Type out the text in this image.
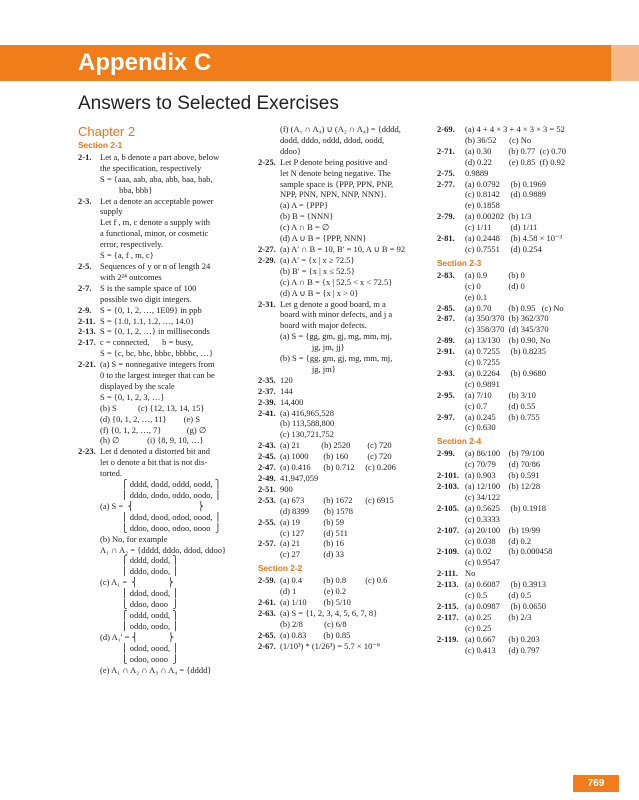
Appendix C
Answers to Selected Exercises
Chapter 2
Section 2-1
2-1.	Let a, b denote a part above, below
the specification, respectively
S = {aaa, aab, aba, abb, baa, bab,
bba, bbb}
2-3.	Let a denote an acceptable power
supply
Let f , m, c denote a supply with
a functional, minor, or cosmetic
error, respectively.
S = {a, f , m, c}
2-5.	Sequences of y or n of length 24
with 2²⁴ outcomes
2-7.	S is the sample space of 100
possible two digit integers.
2-9.	S = {0, 1, 2, …, 1E09} in ppb
2-11. S = {1.0, 1.1, 1.2, …, 14.0}
2-13. S = {0, 1, 2, …} in milliseconds
2-17. c = connected,      b = busy,
S = {c, bc, bbc, bbbc, bbbbc, …}
2-21. (a) S = nonnegative integers from
0 to the largest integer that can be
displayed by the scale
S = {0, 1, 2, 3, …}
(b) S          (c) {12, 13, 14, 15}
(d) {0, 1, 2, …, 11}        (e) S
(f) {0, 1, 2, …, 7}            (g) ∅
(h) ∅             (i) {8, 9, 10, …}
2-23. Let d denoted a distorted bit and
let o denote a bit that is not dis-
torted.
⎧ dddd, dodd, oddd, oodd, ⎫
⎪ dddo, dodo, oddo, oodo, ⎪
(a) S =  ⎨                              ⎬
⎪ ddod, dood, odod, oood, ⎪
⎩ ddoo, dooo, odoo, oooo  ⎭
(b) No, for example
A₁ ∩ A₂ = {dddd, dddo, ddod, ddoo}
⎧ dddd, dodd, ⎫
⎪ dddo, dodo, ⎪
(c) A₁ =  ⎨              ⎬
⎪ ddod, dood, ⎪
⎩ ddoo, dooo  ⎭
⎧ oddd, oodd, ⎫
⎪ oddo, oodo, ⎪
(d) A₁′ = ⎨              ⎬
⎪ odod, oood, ⎪
⎩ odoo, oooo  ⎭
(e) A₁ ∩ A₂ ∩ A₃ ∩ A₄ = {dddd}
(f) (A₁ ∩ A₄) ∪ (A₂ ∩ A₄) = {dddd,
dodd, dddo, oddd, ddod, oodd,
ddoo}
2-25. Let P denote being positive and
let N denote being negative. The
sample space is {PPP, PPN, PNP,
NPP, PNN, NPN, NNP, NNN}.
(a) A = {PPP}
(b) B = {NNN}
(c) A ∩ B = ∅
(d) A ∪ B = {PPP, NNN}
2-27. (a) A′ ∩ B = 10, B′ = 10, A ∪ B = 92
2-29. (a) A′ = {x | x ≥ 72.5}
(b) B′ = {x | x ≤ 52.5}
(c) A ∩ B = {x | 52.5 < x < 72.5}
(d) A ∪ B = {x | x > 0}
2-31. Let g denote a good board, m a
board with minor defects, and j a
board with major defects.
(a) S = {gg, gm, gj, mg, mm, mj,
jg, jm, jj}
(b) S = {gg, gm, gj, mg, mm, mj,
jg, jm}
2-35. 120
2-37. 144
2-39. 14,400
2-41. (a) 416,965,528
(b) 113,588,800
(c) 130,721,752
2-43. (a) 21          (b) 2520        (c) 720
2-45. (a) 1000       (b) 160         (c) 720
2-47. (a) 0.416      (b) 0.712     (c) 0.206
2-49. 41,947,059
2-51. 900
2-53. (a) 673         (b) 1672      (c) 6915
(d) 8399       (b) 1578
2-55. (a) 19           (b) 59
(c) 127         (d) 511
2-57. (a) 21           (b) 16
(c) 27           (d) 33
Section 2-2
2-59. (a) 0.4          (b) 0.8         (c) 0.6
(d) 1             (e) 0.2
2-61. (a) 1/10        (b) 5/10
2-63. (a) S = {1, 2, 3, 4, 5, 6, 7, 8}
(b) 2/8          (c) 6/8
2-65. (a) 0.83        (b) 0.85
2-67. (1/10³) * (1/26³) = 5.7 × 10⁻⁸
2-69.	(a) 4 + 4 × 3 + 4 × 3 × 3 = 52
(b) 36/52      (c) No
2-71.	(a) 0.30        (b) 0.77  (c) 0.70
(d) 0.22        (e) 0.85  (f) 0.92
2-75.	0.9889
2-77.	(a) 0.0792     (b) 0.1969
(c) 0.8142     (d) 0.9889
(e) 0.1858
2-79.	(a) 0.00202  (b) 1/3
(c) 1/11         (d) 1/11
2-81.	(a) 0.2448     (b) 4.58 × 10⁻³
(c) 0.7551     (d) 0.254
Section 2-3
2-83.	(a) 0.9          (b) 0
(c) 0             (d) 0
(e) 0.1
2-85.	(a) 0.70        (b) 0.95   (c) No
2-87.	(a) 350/370  (b) 362/370
(c) 358/370  (d) 345/370
2-89.	(a) 13/130    (b) 0.90, No
2-91.	(a) 0.7255     (b) 0.8235
(c) 0.7255
2-93.	(a) 0.2264     (b) 0.9680
(c) 0.9891
2-95.	(a) 7/10        (b) 3/10
(c) 0.7          (d) 0.55
2-97.	(a) 0.245      (b) 0.755
(c) 0.630
Section 2-4
2-99.	(a) 86/100    (b) 79/100
(c) 70/79      (d) 70/86
2-101. (a) 0.903      (b) 0.591
2-103. (a) 12/100    (b) 12/28
(c) 34/122
2-105. (a) 0.5625     (b) 0.1918
(c) 0.3333
2-107. (a) 20/100    (b) 19/99
(c) 0.038      (d) 0.2
2-109. (a) 0.02        (b) 0.000458
(c) 0.9547
2-111. No
2-113. (a) 0.6087     (b) 0.3913
(c) 0.5          (d) 0.5
2-115. (a) 0.0987     (b) 0.0650
2-117. (a) 0.25        (b) 2/3
(c) 0.25
2-119. (a) 0.667      (b) 0.203
(c) 0.413      (d) 0.797
769
